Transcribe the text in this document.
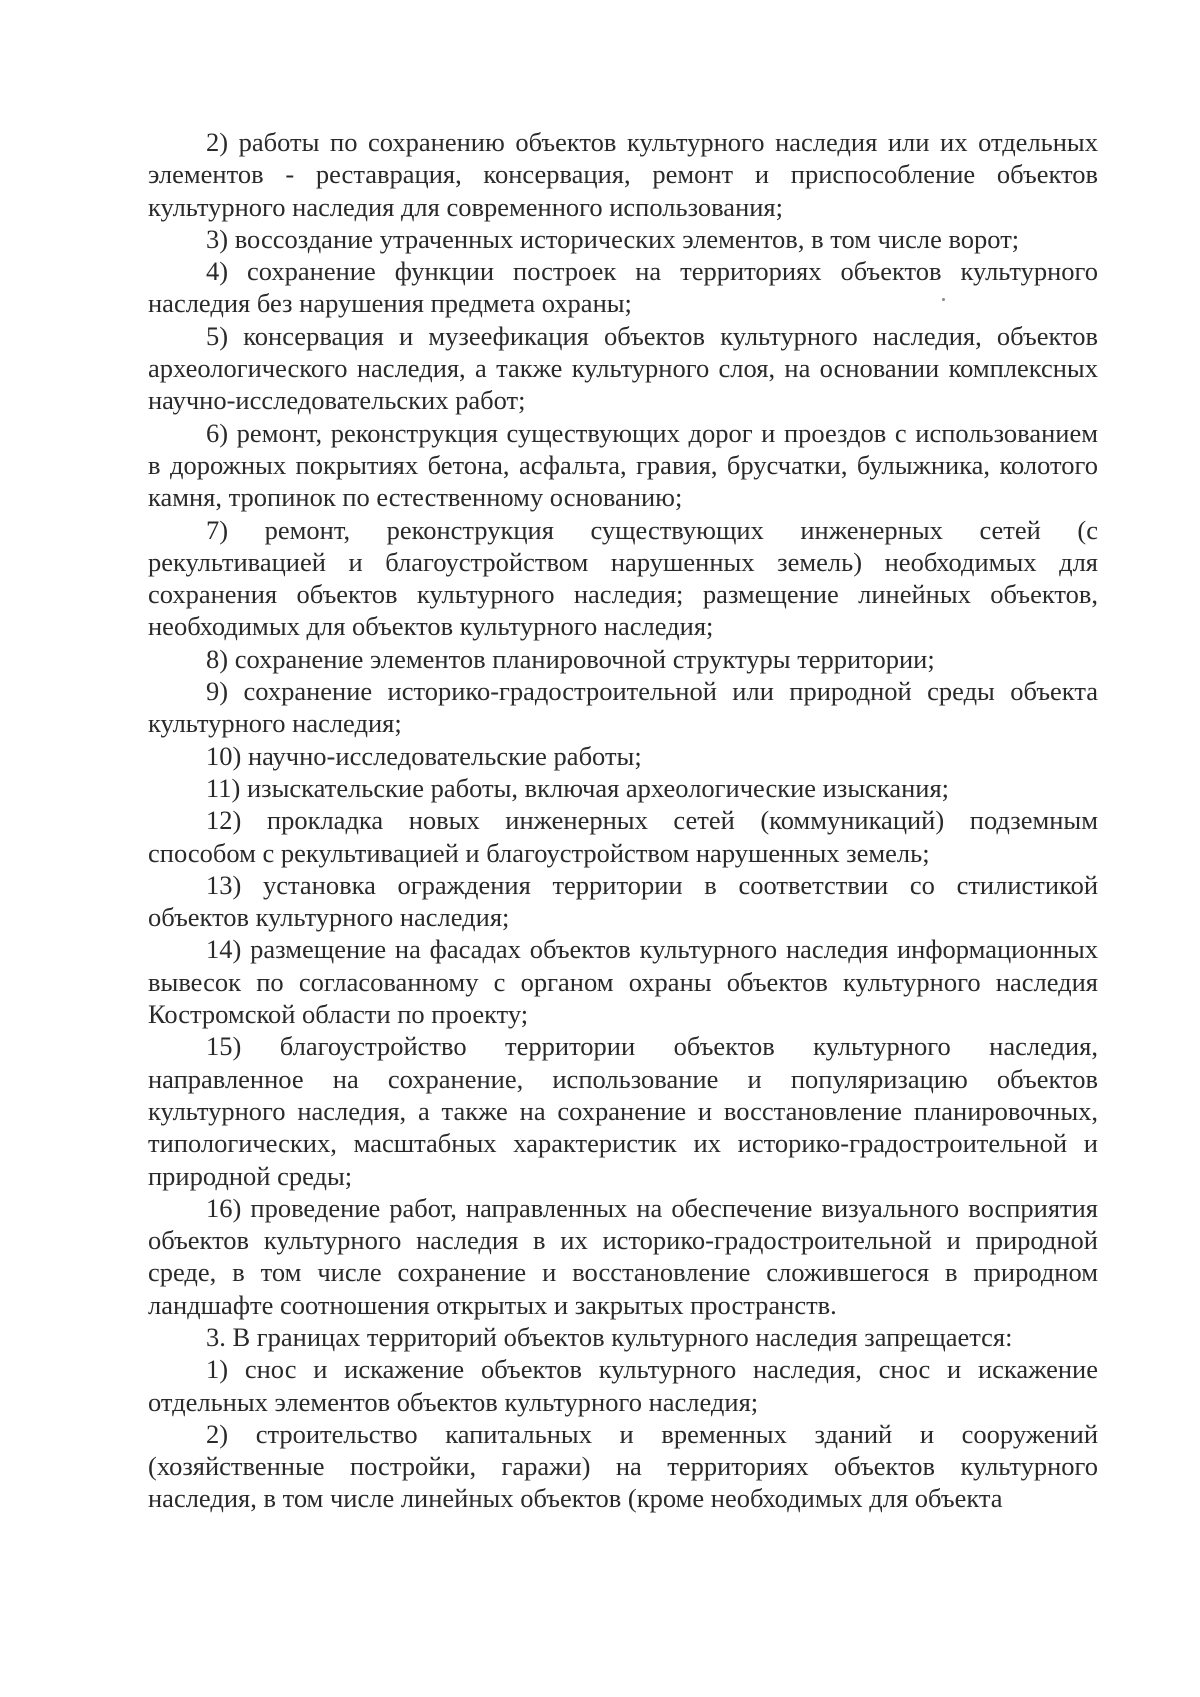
2) работы по сохранению объектов культурного наследия или их отдельных элементов - реставрация, консервация, ремонт и приспособление объектов культурного наследия для современного использования;

3) воссоздание утраченных исторических элементов, в том числе ворот;

4) сохранение функции построек на территориях объектов культурного наследия без нарушения предмета охраны;

5) консервация и музеефикация объектов культурного наследия, объектов археологического наследия, а также культурного слоя, на основании комплексных научно-исследовательских работ;

6) ремонт, реконструкция существующих дорог и проездов с использованием в дорожных покрытиях бетона, асфальта, гравия, брусчатки, булыжника, колотого камня, тропинок по естественному основанию;

7) ремонт, реконструкция существующих инженерных сетей (с рекультивацией и благоустройством нарушенных земель) необходимых для сохранения объектов культурного наследия; размещение линейных объектов, необходимых для объектов культурного наследия;

8) сохранение элементов планировочной структуры территории;

9) сохранение историко-градостроительной или природной среды объекта культурного наследия;

10) научно-исследовательские работы;

11) изыскательские работы, включая археологические изыскания;

12) прокладка новых инженерных сетей (коммуникаций) подземным способом с рекультивацией и благоустройством нарушенных земель;

13) установка ограждения территории в соответствии со стилистикой объектов культурного наследия;

14) размещение на фасадах объектов культурного наследия информационных вывесок по согласованному с органом охраны объектов культурного наследия Костромской области по проекту;

15) благоустройство территории объектов культурного наследия, направленное на сохранение, использование и популяризацию объектов культурного наследия, а также на сохранение и восстановление планировочных, типологических, масштабных характеристик их историко-градостроительной и природной среды;

16) проведение работ, направленных на обеспечение визуального восприятия объектов культурного наследия в их историко-градостроительной и природной среде, в том числе сохранение и восстановление сложившегося в природном ландшафте соотношения открытых и закрытых пространств.

3. В границах территорий объектов культурного наследия запрещается:

1) снос и искажение объектов культурного наследия, снос и искажение отдельных элементов объектов культурного наследия;

2) строительство капитальных и временных зданий и сооружений (хозяйственные постройки, гаражи) на территориях объектов культурного наследия, в том числе линейных объектов (кроме необходимых для объекта
